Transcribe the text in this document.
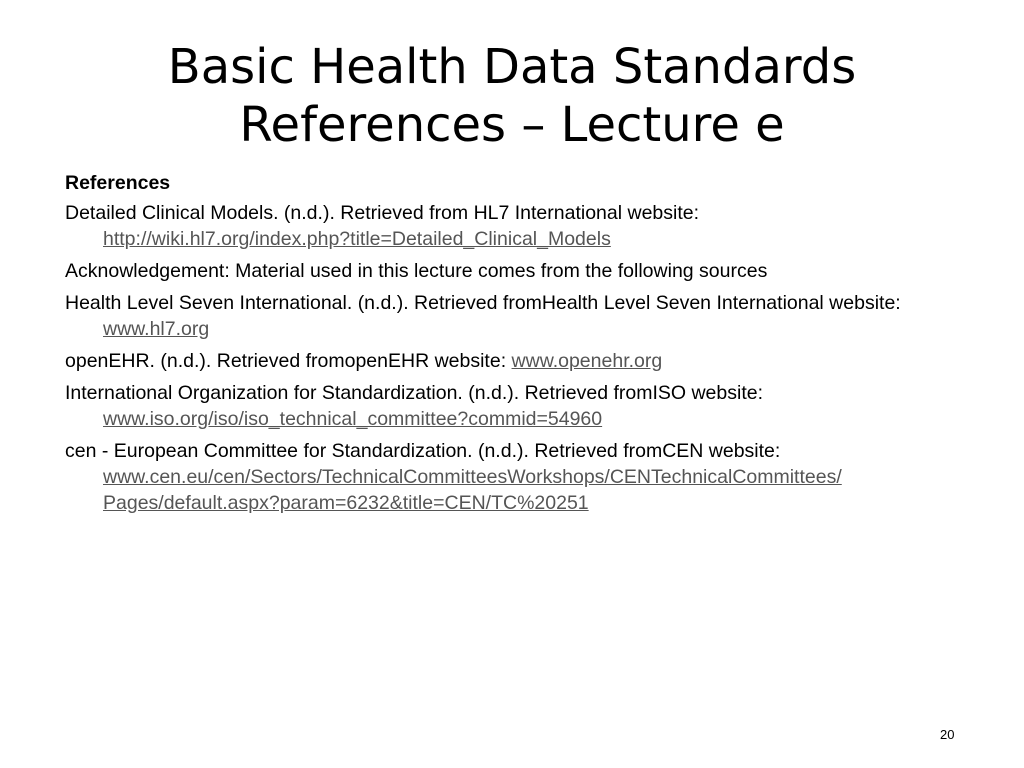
Basic Health Data Standards
References – Lecture e
References
Detailed Clinical Models. (n.d.). Retrieved from HL7 International website:
http://wiki.hl7.org/index.php?title=Detailed_Clinical_Models
Acknowledgement: Material used in this lecture comes from the following sources
Health Level Seven International. (n.d.). Retrieved fromHealth Level Seven International website: www.hl7.org
openEHR. (n.d.). Retrieved fromopenEHR website: www.openehr.org
International Organization for Standardization. (n.d.). Retrieved fromISO website:
www.iso.org/iso/iso_technical_committee?commid=54960
cen - European Committee for Standardization. (n.d.). Retrieved fromCEN website:
www.cen.eu/cen/Sectors/TechnicalCommitteesWorkshops/CENTechnicalCommittees/
Pages/default.aspx?param=6232&title=CEN/TC%20251
20
